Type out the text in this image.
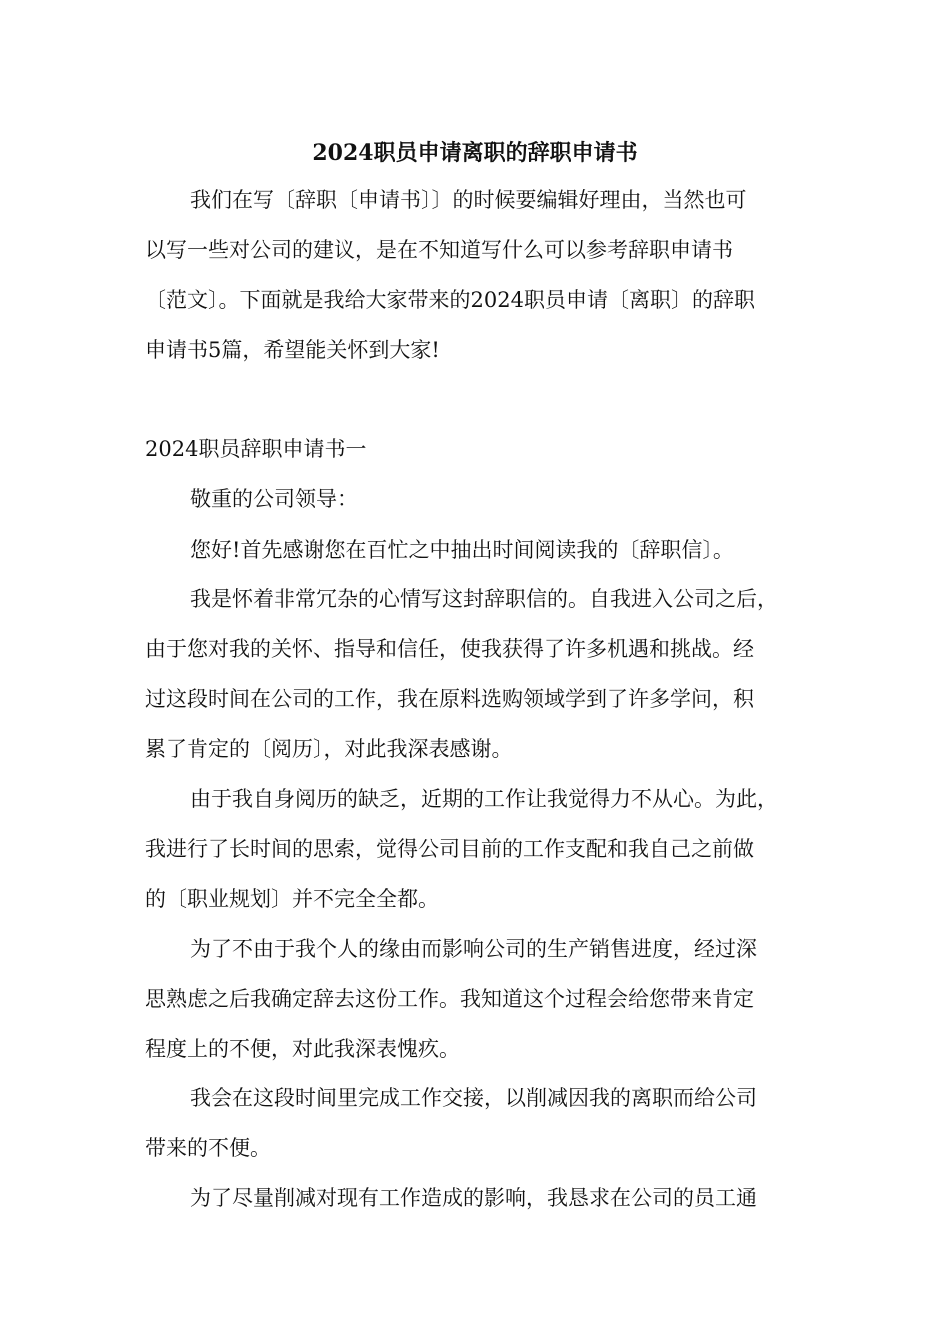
2024职员申请离职的辞职申请书

我们在写〔辞职〔申请书〕〕的时候要编辑好理由，当然也可

以写一些对公司的建议，是在不知道写什么可以参考辞职申请书

〔范文〕。下面就是我给大家带来的2024职员申请〔离职〕的辞职

申请书5篇，希望能关怀到大家!

2024职员辞职申请书一

敬重的公司领导：

您好!首先感谢您在百忙之中抽出时间阅读我的〔辞职信〕。

我是怀着非常冗杂的心情写这封辞职信的。自我进入公司之后，

由于您对我的关怀、指导和信任，使我获得了许多机遇和挑战。经

过这段时间在公司的工作，我在原料选购领域学到了许多学问，积

累了肯定的〔阅历〕，对此我深表感谢。

由于我自身阅历的缺乏，近期的工作让我觉得力不从心。为此，

我进行了长时间的思索，觉得公司目前的工作支配和我自己之前做

的〔职业规划〕并不完全全都。

为了不由于我个人的缘由而影响公司的生产销售进度，经过深

思熟虑之后我确定辞去这份工作。我知道这个过程会给您带来肯定

程度上的不便，对此我深表愧疚。

我会在这段时间里完成工作交接，以削减因我的离职而给公司

带来的不便。

为了尽量削减对现有工作造成的影响，我恳求在公司的员工通
